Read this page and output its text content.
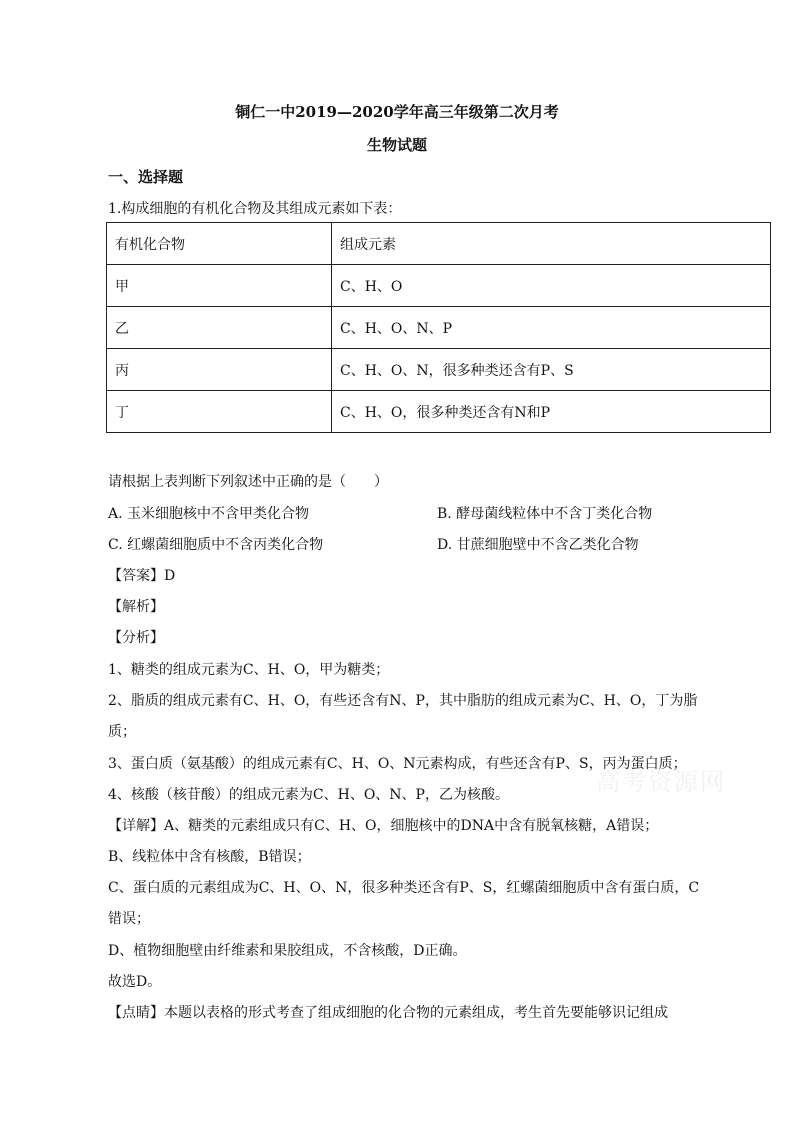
铜仁一中2019—2020学年高三年级第二次月考
生物试题
一、选择题
1.构成细胞的有机化合物及其组成元素如下表：
有机化合物	组成元素
甲	C、H、O
乙	C、H、O、N、P
丙	C、H、O、N，很多种类还含有P、S
丁	C、H、O，很多种类还含有N和P
请根据上表判断下列叙述中正确的是（　　）
A. 玉米细胞核中不含甲类化合物	B. 酵母菌线粒体中不含丁类化合物
C. 红螺菌细胞质中不含丙类化合物	D. 甘蔗细胞壁中不含乙类化合物
【答案】D
【解析】
【分析】
1、糖类的组成元素为C、H、O，甲为糖类；
2、脂质的组成元素有C、H、O，有些还含有N、P，其中脂肪的组成元素为C、H、O，丁为脂
质；
3、蛋白质（氨基酸）的组成元素有C、H、O、N元素构成，有些还含有P、S，丙为蛋白质；
4、核酸（核苷酸）的组成元素为C、H、O、N、P，乙为核酸。
【详解】A、糖类的元素组成只有C、H、O，细胞核中的DNA中含有脱氧核糖，A错误；
B、线粒体中含有核酸，B错误；
C、蛋白质的元素组成为C、H、O、N，很多种类还含有P、S，红螺菌细胞质中含有蛋白质，C
错误；
D、植物细胞壁由纤维素和果胶组成，不含核酸，D正确。
故选D。
【点睛】本题以表格的形式考查了组成细胞的化合物的元素组成，考生首先要能够识记组成
高考资源网
